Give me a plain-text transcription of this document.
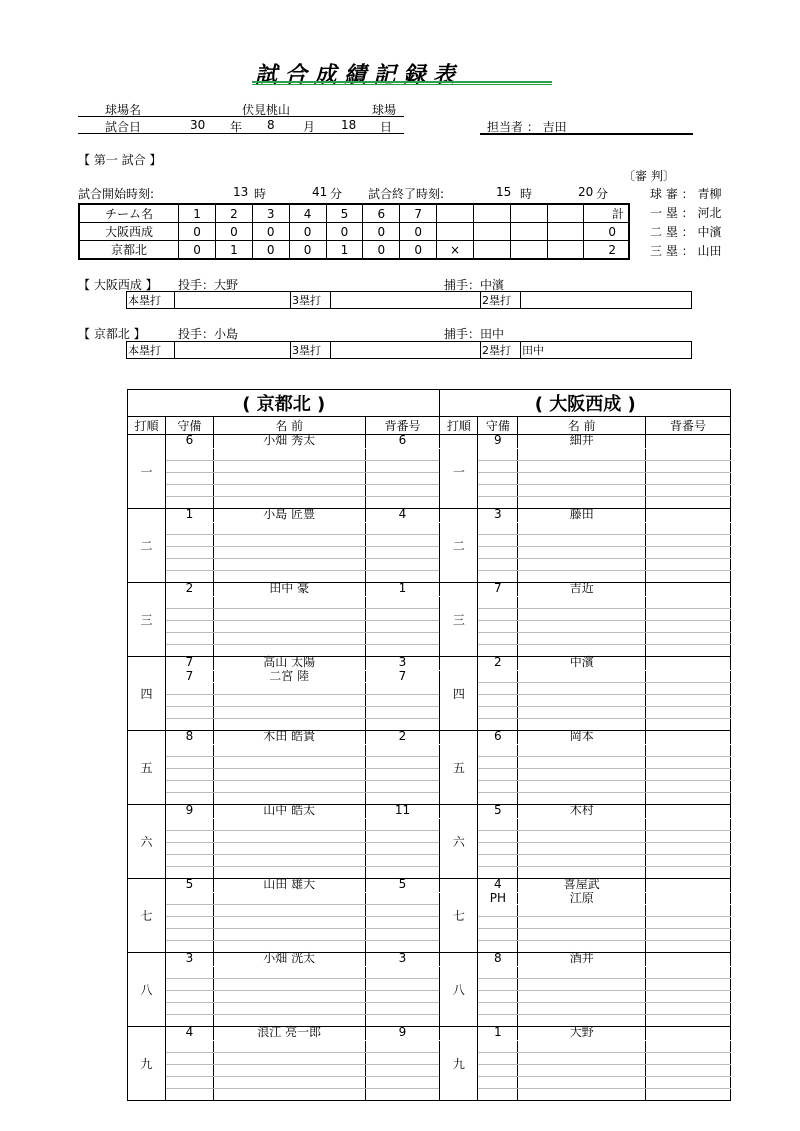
試 合 成 績 記 録 表
球場名	伏見桃山	球場
試合日	30 年 8 月 18 日	担当者 ： 吉田
【 第一 試合 】
〔審 判〕
球 審 ： 青柳
一 塁 ： 河北
二 塁 ： 中濱
三 塁 ： 山田
試合開始時刻:	13 時	41 分 試合終了時刻:	15 時	20 分
チーム名	1	2	3	4	5	6	7					計
大阪西成	0	0	0	0	0	0	0					0
京都北	0	1	0	0	1	0	0	×				2
【 大阪西成 】 投手：大野	捕手：中濱
本塁打		3塁打		2塁打	
【 京都北 】	投手：小島	捕手：田中
本塁打		3塁打		2塁打	田中
( 京都北 )				( 大阪西成 )			
打順	守備	名 前	背番号	打順	守備	名 前	背番号
一	6	小畑 秀太	6	一	9	細井	

二	1	小島 匠豊	4	二	3	藤田	

三	2	田中 豪	1	三	7	吉近	

四	7	高山 太陽	3	四	2	中濱	
	7	二宮 陸	7				

五	8	木田 皓貴	2	五	6	岡本	

六	9	山中 皓太	11	六	5	木村	

七	5	山田 雄大	5	七	4	喜屋武	
					PH	江原	

八	3	小畑 洸太	3	八	8	酒井	

九	4	浪江 亮一郎	9	九	1	大野	
